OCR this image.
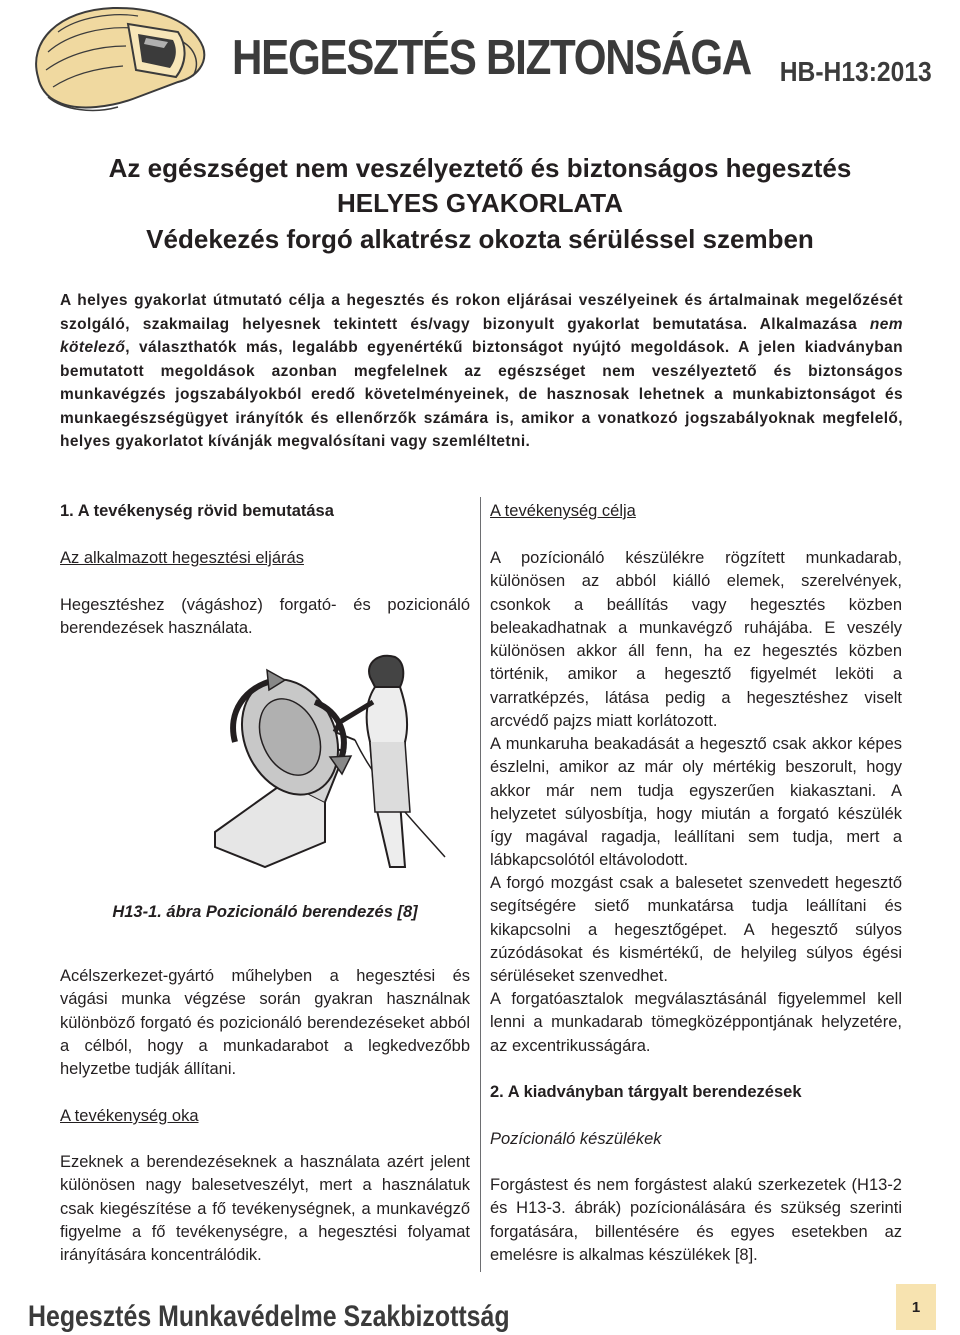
HEGESZTÉS BIZTONSÁGA HB-H13:2013
Az egészséget nem veszélyeztető és biztonságos hegesztés
HELYES GYAKORLATA
Védekezés forgó alkatrész okozta sérüléssel szemben

A helyes gyakorlat útmutató célja a hegesztés és rokon eljárásai veszélyeinek és ártalmainak megelőzését szolgáló, szakmailag helyesnek tekintett és/vagy bizonyult gyakorlat bemutatása. Alkalmazása nem kötelező, választhatók más, legalább egyenértékű biztonságot nyújtó megoldások. A jelen kiadványban bemutatott megoldások azonban megfelelnek az egészséget nem veszélyeztető és biztonságos munkavégzés jogszabályokból eredő követelményeinek, de hasznosak lehetnek a munkabiztonságot és munkaegészségügyet irányítók és ellenőrzők számára is, amikor a vonatkozó jogszabályoknak megfelelő, helyes gyakorlatot kívánják megvalósítani vagy szemléltetni.

1. A tevékenység rövid bemutatása

Az alkalmazott hegesztési eljárás

Hegesztéshez (vágáshoz) forgató- és pozicionáló berendezések használata.

H13-1. ábra Pozicionáló berendezés [8]

Acélszerkezet-gyártó műhelyben a hegesztési és vágási munka végzése során gyakran használnak különböző forgató és pozicionáló berendezéseket abból a célból, hogy a munkadarabot a legkedvezőbb helyzetbe tudják állítani.

A tevékenység oka

Ezeknek a berendezéseknek a használata azért jelent különösen nagy balesetveszélyt, mert a használatuk csak kiegészítése a fő tevékenységnek, a munkavégző figyelme a fő tevékenységre, a hegesztési folyamat irányítására koncentrálódik.

A tevékenység célja

A pozícionáló készülékre rögzített munkadarab, különösen az abból kiálló elemek, szerelvények, csonkok a beállítás vagy hegesztés közben beleakadhatnak a munkavégző ruhájába. E veszély különösen akkor áll fenn, ha ez hegesztés közben történik, amikor a hegesztő figyelmét leköti a varratképzés, látása pedig a hegesztéshez viselt arcvédő pajzs miatt korlátozott.

A munkaruha beakadását a hegesztő csak akkor képes észlelni, amikor az már oly mértékig beszorult, hogy akkor már nem tudja egyszerűen kiakasztani. A helyzetet súlyosbítja, hogy miután a forgató készülék így magával ragadja, leállítani sem tudja, mert a lábkapcsolótól eltávolodott.

A forgó mozgást csak a balesetet szenvedett hegesztő segítségére siető munkatársa tudja leállítani és kikapcsolni a hegesztőgépet. A hegesztő súlyos zúzódásokat és kismértékű, de helyileg súlyos égési sérüléseket szenvedhet.

A forgatóasztalok megválasztásánál figyelemmel kell lenni a munkadarab tömegközéppontjának helyzetére, az excentrikusságára.

2. A kiadványban tárgyalt berendezések

Pozícionáló készülékek

Forgástest és nem forgástest alakú szerkezetek (H13-2 és H13-3. ábrák) pozícionálására és szükség szerinti forgatására, billentésére és egyes esetekben az emelésre is alkalmas készülékek [8].

Hegesztés Munkavédelme Szakbizottság	1
